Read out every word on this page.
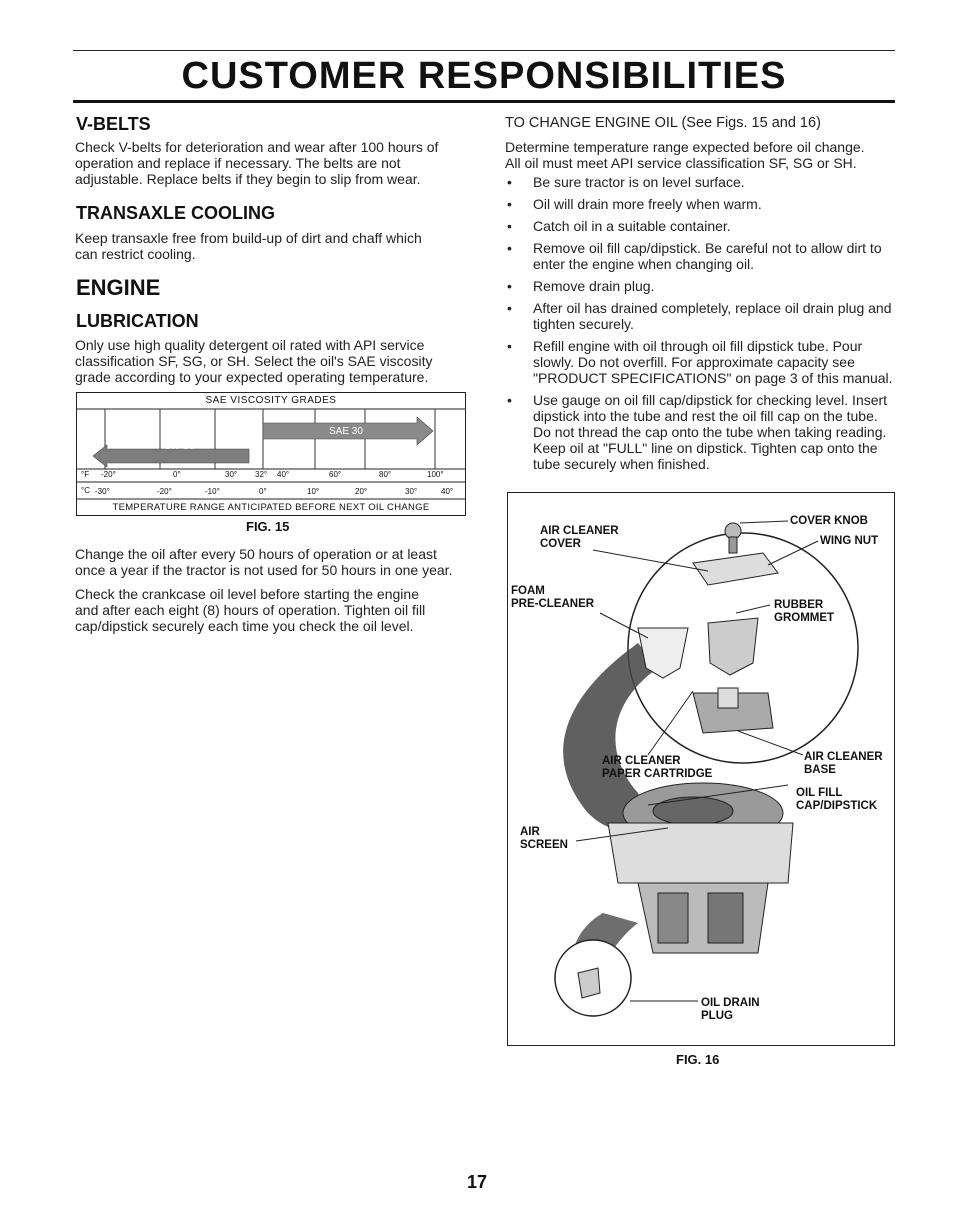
CUSTOMER RESPONSIBILITIES
V-BELTS
Check V-belts for deterioration and wear after 100 hours of
operation and replace if necessary. The belts are not
adjustable. Replace belts if they begin to slip from wear.
TRANSAXLE COOLING
Keep transaxle free from build-up of dirt and chaff which
can restrict cooling.
ENGINE
LUBRICATION
Only use high quality detergent oil rated with API service
classification SF, SG, or SH. Select the oil's SAE viscosity
grade according to your expected operating temperature.
SAE VISCOSITY GRADES
5W-30
SAE 30
°F -20°	0°	30° 32° 40°	60°	80°	100°
°C -30°	-20°	-10°	0°	10°	20°	30°	40°
TEMPERATURE RANGE ANTICIPATED BEFORE NEXT OIL CHANGE
FIG. 15
Change the oil after every 50 hours of operation or at least
once a year if the tractor is not used for 50 hours in one year.
Check the crankcase oil level before starting the engine
and after each eight (8) hours of operation. Tighten oil fill
cap/dipstick securely each time you check the oil level.
TO CHANGE ENGINE OIL (See Figs. 15 and 16)
Determine temperature range expected before oil change.
All oil must meet API service classification SF, SG or SH.
• Be sure tractor is on level surface.
• Oil will drain more freely when warm.
• Catch oil in a suitable container.
• Remove oil fill cap/dipstick. Be careful not to allow dirt to enter the engine when changing oil.
• Remove drain plug.
• After oil has drained completely, replace oil drain plug and tighten securely.
• Refill engine with oil through oil fill dipstick tube. Pour slowly. Do not overfill. For approximate capacity see "PRODUCT SPECIFICATIONS" on page 3 of this manual.
• Use gauge on oil fill cap/dipstick for checking level. Insert dipstick into the tube and rest the oil fill cap on the tube. Do not thread the cap onto the tube when taking reading. Keep oil at "FULL" line on dipstick. Tighten cap onto the tube securely when finished.
AIR CLEANER
COVER
COVER KNOB
WING NUT
FOAM
PRE-CLEANER	RUBBER
GROMMET
AIR CLEANER
PAPER CARTRIDGE
AIR CLEANER
BASE
OIL FILL
CAP/DIPSTICK
AIR
SCREEN
OIL DRAIN
PLUG
FIG. 16
17
